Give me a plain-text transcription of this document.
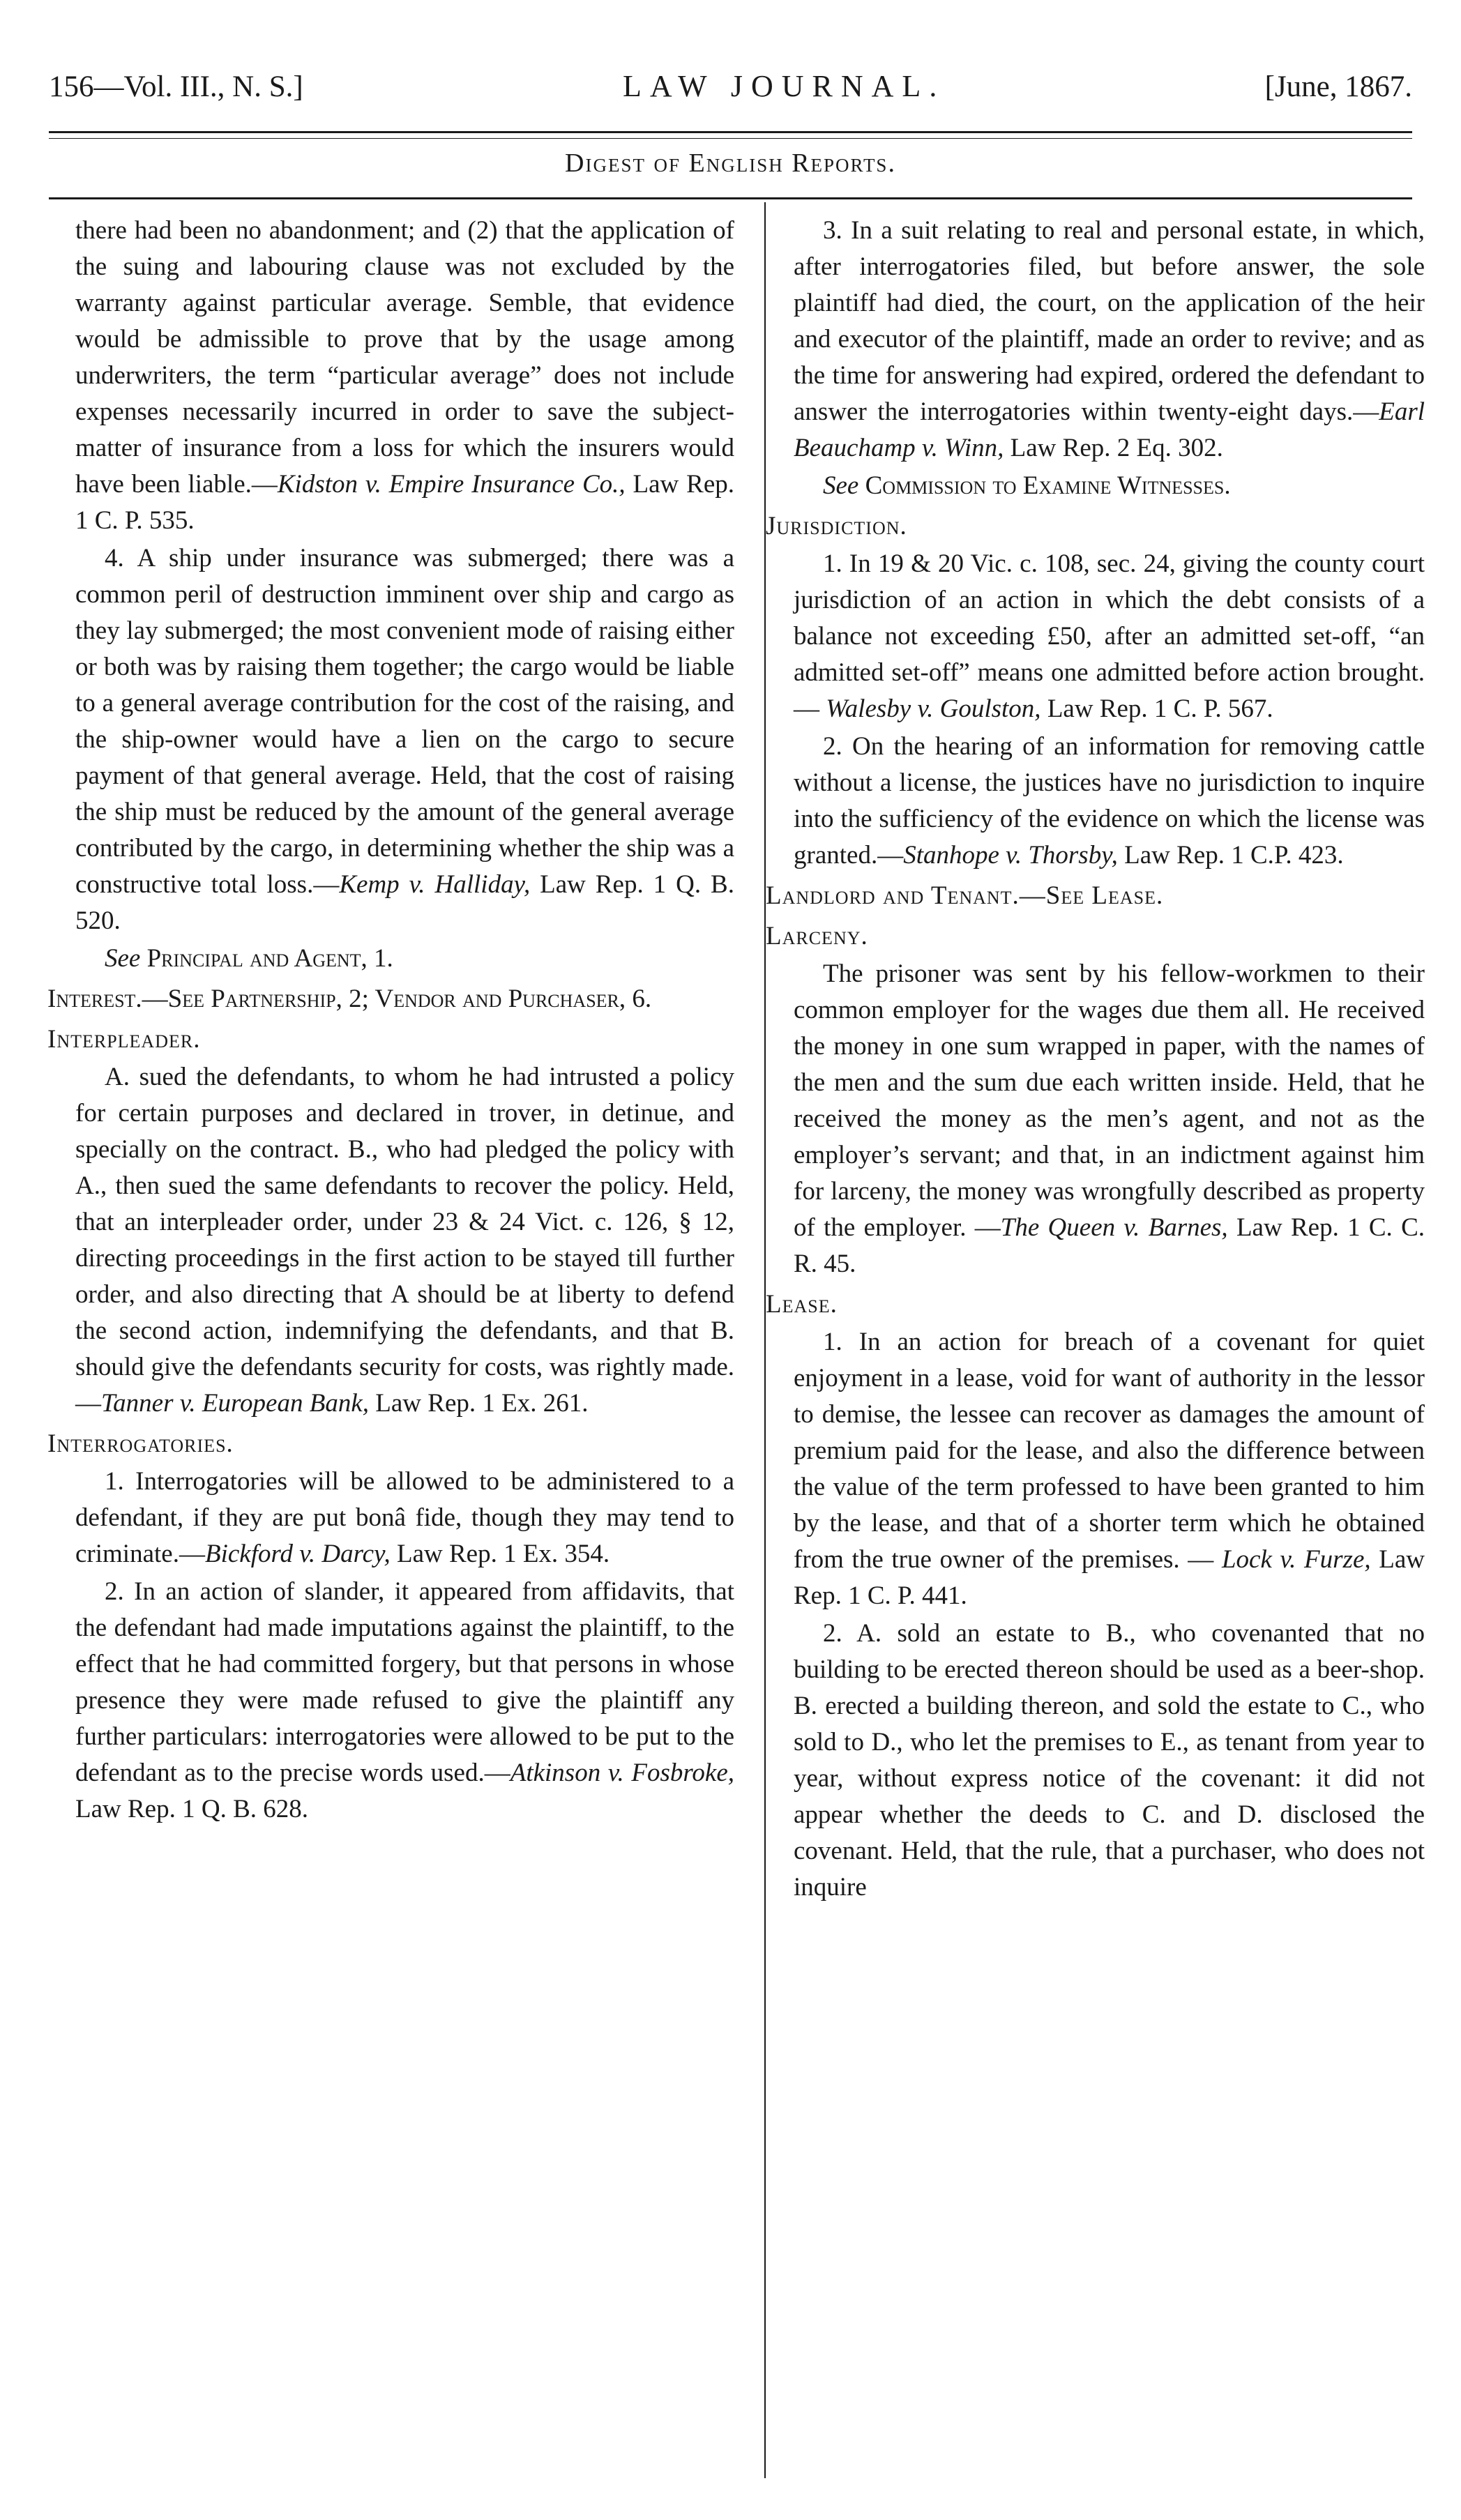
156—Vol. III., N. S.]	LAW JOURNAL.	[June, 1867.
Digest of English Reports.

there had been no abandonment; and (2) that the application of the suing and labouring clause was not excluded by the warranty against particular average. Semble, that evidence would be admissible to prove that by the usage among underwriters, the term “particular average” does not include expenses necessarily incurred in order to save the subject-matter of insurance from a loss for which the insurers would have been liable.—Kidston v. Empire Insurance Co., Law Rep. 1 C. P. 535.

4. A ship under insurance was submerged; there was a common peril of destruction imminent over ship and cargo as they lay submerged; the most convenient mode of raising either or both was by raising them together; the cargo would be liable to a general average contribution for the cost of the raising, and the ship-owner would have a lien on the cargo to secure payment of that general average. Held, that the cost of raising the ship must be reduced by the amount of the general average contributed by the cargo, in determining whether the ship was a constructive total loss.—Kemp v. Halliday, Law Rep. 1 Q. B. 520.

See Principal and Agent, 1.

Interest.—See Partnership, 2; Vendor and Purchaser, 6.

Interpleader.

A. sued the defendants, to whom he had intrusted a policy for certain purposes and declared in trover, in detinue, and specially on the contract. B., who had pledged the policy with A., then sued the same defendants to recover the policy. Held, that an interpleader order, under 23 & 24 Vict. c. 126, § 12, directing proceedings in the first action to be stayed till further order, and also directing that A should be at liberty to defend the second action, indemnifying the defendants, and that B. should give the defendants security for costs, was rightly made.—Tanner v. European Bank, Law Rep. 1 Ex. 261.

Interrogatories.

1. Interrogatories will be allowed to be administered to a defendant, if they are put bonâ fide, though they may tend to criminate.—Bickford v. Darcy, Law Rep. 1 Ex. 354.

2. In an action of slander, it appeared from affidavits, that the defendant had made imputations against the plaintiff, to the effect that he had committed forgery, but that persons in whose presence they were made refused to give the plaintiff any further particulars: interrogatories were allowed to be put to the defendant as to the precise words used.—Atkinson v. Fosbroke, Law Rep. 1 Q. B. 628.

3. In a suit relating to real and personal estate, in which, after interrogatories filed, but before answer, the sole plaintiff had died, the court, on the application of the heir and executor of the plaintiff, made an order to revive; and as the time for answering had expired, ordered the defendant to answer the interrogatories within twenty-eight days.—Earl Beauchamp v. Winn, Law Rep. 2 Eq. 302.

See Commission to Examine Witnesses.

Jurisdiction.

1. In 19 & 20 Vic. c. 108, sec. 24, giving the county court jurisdiction of an action in which the debt consists of a balance not exceeding £50, after an admitted set-off, “an admitted set-off” means one admitted before action brought. — Walesby v. Goulston, Law Rep. 1 C. P. 567.

2. On the hearing of an information for removing cattle without a license, the justices have no jurisdiction to inquire into the sufficiency of the evidence on which the license was granted.—Stanhope v. Thorsby, Law Rep. 1 C.P. 423.

Landlord and Tenant.—See Lease.

Larceny.

The prisoner was sent by his fellow-workmen to their common employer for the wages due them all. He received the money in one sum wrapped in paper, with the names of the men and the sum due each written inside. Held, that he received the money as the men’s agent, and not as the employer’s servant; and that, in an indictment against him for larceny, the money was wrongfully described as property of the employer. —The Queen v. Barnes, Law Rep. 1 C. C. R. 45.

Lease.

1. In an action for breach of a covenant for quiet enjoyment in a lease, void for want of authority in the lessor to demise, the lessee can recover as damages the amount of premium paid for the lease, and also the difference between the value of the term professed to have been granted to him by the lease, and that of a shorter term which he obtained from the true owner of the premises. — Lock v. Furze, Law Rep. 1 C. P. 441.

2. A. sold an estate to B., who covenanted that no building to be erected thereon should be used as a beer-shop. B. erected a building thereon, and sold the estate to C., who sold to D., who let the premises to E., as tenant from year to year, without express notice of the covenant: it did not appear whether the deeds to C. and D. disclosed the covenant. Held, that the rule, that a purchaser, who does not inquire
